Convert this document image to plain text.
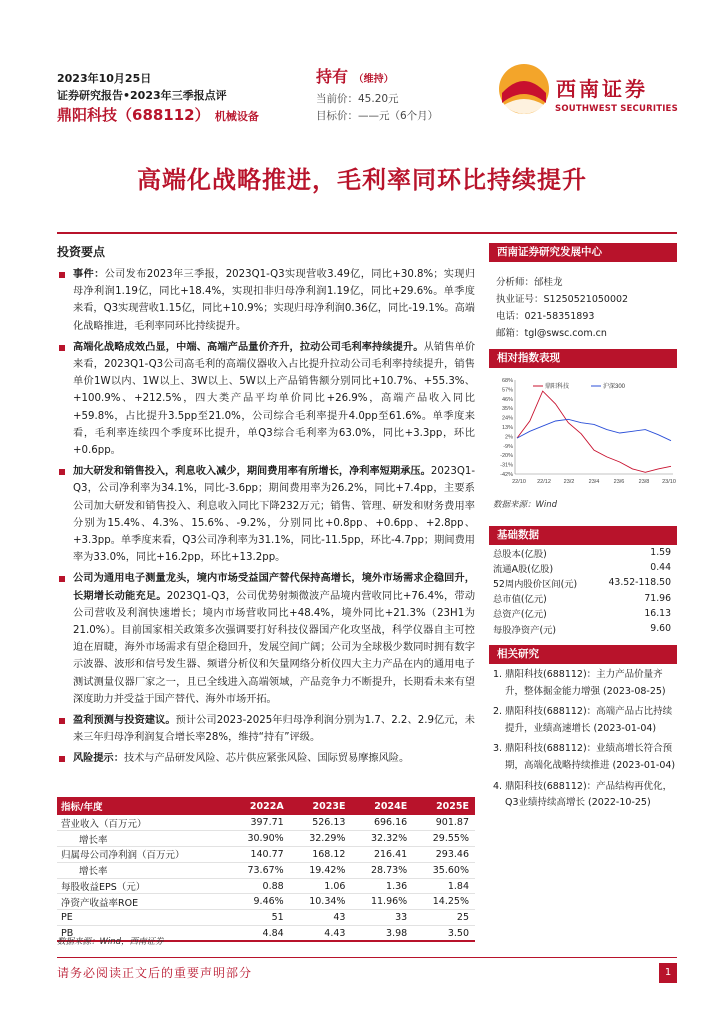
2023年10月25日
证券研究报告•2023年三季报点评
鼎阳科技（688112） 机械设备
持有 （维持）
当前价：45.20元
目标价：——元（6个月）
西南证券
SOUTHWEST SECURITIES
高端化战略推进，毛利率同环比持续提升
投资要点
事件：公司发布2023年三季报，2023Q1-Q3实现营收3.49亿，同比+30.8%；实现归母净利润1.19亿，同比+18.4%，实现扣非归母净利润1.19亿，同比+29.6%。单季度来看，Q3实现营收1.15亿，同比+10.9%；实现归母净利润0.36亿，同比-19.1%。高端化战略推进，毛利率同环比持续提升。
高端化战略成效凸显，中端、高端产品量价齐升，拉动公司毛利率持续提升。从销售单价来看，2023Q1-Q3公司高毛利的高端仪器收入占比提升拉动公司毛利率持续提升，销售单价1W以内、1W以上、3W以上、5W以上产品销售额分别同比+10.7%、+55.3%、+100.9%、+212.5%，四大类产品平均单价同比+26.9%，高端产品收入同比+59.8%，占比提升3.5pp至21.0%，公司综合毛利率提升4.0pp至61.6%。单季度来看，毛利率连续四个季度环比提升，单Q3综合毛利率为63.0%，同比+3.3pp，环比+0.6pp。
加大研发和销售投入，利息收入减少，期间费用率有所增长，净利率短期承压。2023Q1-Q3，公司净利率为34.1%，同比-3.6pp；期间费用率为26.2%，同比+7.4pp，主要系公司加大研发和销售投入、利息收入同比下降232万元；销售、管理、研发和财务费用率分别为15.4%、4.3%、15.6%、-9.2%，分别同比+0.8pp、+0.6pp、+2.8pp、+3.3pp。单季度来看，Q3公司净利率为31.1%，同比-11.5pp，环比-4.7pp；期间费用率为33.0%，同比+16.2pp，环比+13.2pp。
公司为通用电子测量龙头，境内市场受益国产替代保持高增长，境外市场需求企稳回升，长期增长动能充足。2023Q1-Q3，公司优势射频微波产品境内营收同比+76.4%，带动公司营收及利润快速增长；境内市场营收同比+48.4%，境外同比+21.3%（23H1为21.0%）。目前国家相关政策多次强调要打好科技仪器国产化攻坚战，科学仪器自主可控迫在眉睫，海外市场需求有望企稳回升，发展空间广阔；公司为全球极少数同时拥有数字示波器、波形和信号发生器、频谱分析仪和矢量网络分析仪四大主力产品在内的通用电子测试测量仪器厂家之一，且已全线进入高端领域，产品竞争力不断提升，长期看未来有望深度助力并受益于国产替代、海外市场开拓。
盈利预测与投资建议。预计公司2023-2025年归母净利润分别为1.7、2.2、2.9亿元，未来三年归母净利润复合增长率28%，维持“持有”评级。
风险提示：技术与产品研发风险、芯片供应紧张风险、国际贸易摩擦风险。
指标/年度	2022A	2023E	2024E	2025E
营业收入（百万元）	397.71	526.13	696.16	901.87
增长率	30.90%	32.29%	32.32%	29.55%
归属母公司净利润（百万元）	140.77	168.12	216.41	293.46
增长率	73.67%	19.42%	28.73%	35.60%
每股收益EPS（元）	0.88	1.06	1.36	1.84
净资产收益率ROE	9.46%	10.34%	11.96%	14.25%
PE	51	43	33	25
PB	4.84	4.43	3.98	3.50
数据来源：Wind，西南证券
西南证券研究发展中心
分析师：邰桂龙
执业证号：S1250521050002
电话：021-58351893
邮箱：tgl@swsc.com.cn
相对指数表现
68%
57%
46%
35%
24%
13%
2%
-9%
-20%
-31%
-42%
22/10 22/12 23/2	23/4	23/6	23/8 23/10
鼎阳科技	沪深300
数据来源：Wind
基础数据
总股本(亿股)	1.59
流通A股(亿股)	0.44
52周内股价区间(元)	43.52-118.50
总市值(亿元)	71.96
总资产(亿元)	16.13
每股净资产(元)	9.60
相关研究
1. 鼎阳科技(688112)：主力产品价量齐升，整体掘金能力增强 (2023-08-25)
2. 鼎阳科技(688112)：高端产品占比持续提升，业绩高速增长 (2023-01-04)
3. 鼎阳科技(688112)：业绩高增长符合预期，高端化战略持续推进 (2023-01-04)
4. 鼎阳科技(688112)：产品结构再优化，Q3业绩持续高增长 (2022-10-25)
请务必阅读正文后的重要声明部分	1
